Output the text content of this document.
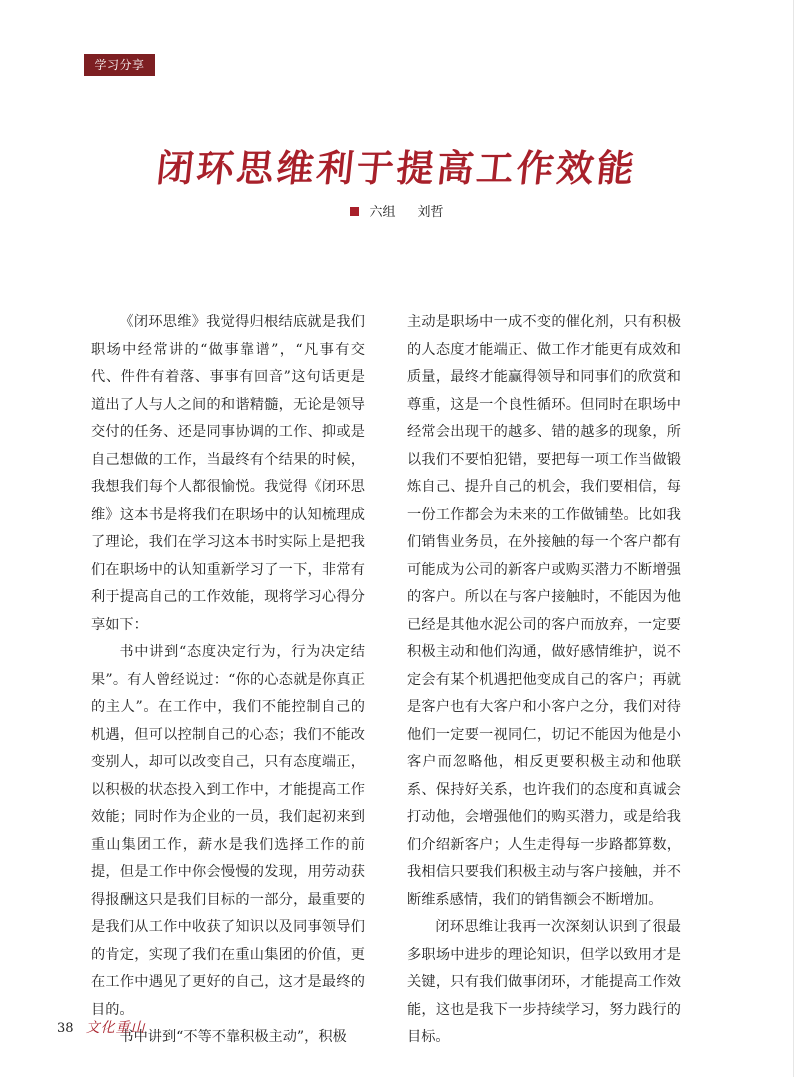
学习分享
闭环思维利于提高工作效能
六组 刘哲

《闭环思维》我觉得归根结底就是我们职场中经常讲的“做事靠谱”，“凡事有交代、件件有着落、事事有回音”这句话更是道出了人与人之间的和谐精髓，无论是领导交付的任务、还是同事协调的工作、抑或是自己想做的工作，当最终有个结果的时候，我想我们每个人都很愉悦。我觉得《闭环思维》这本书是将我们在职场中的认知梳理成了理论，我们在学习这本书时实际上是把我们在职场中的认知重新学习了一下，非常有利于提高自己的工作效能，现将学习心得分享如下：

书中讲到“态度决定行为，行为决定结果”。有人曾经说过：“你的心态就是你真正的主人”。在工作中，我们不能控制自己的机遇，但可以控制自己的心态；我们不能改变别人，却可以改变自己，只有态度端正，以积极的状态投入到工作中，才能提高工作效能；同时作为企业的一员，我们起初来到重山集团工作，薪水是我们选择工作的前提，但是工作中你会慢慢的发现，用劳动获得报酬这只是我们目标的一部分，最重要的是我们从工作中收获了知识以及同事领导们的肯定，实现了我们在重山集团的价值，更在工作中遇见了更好的自己，这才是最终的目的。

书中讲到“不等不靠积极主动”，积极

主动是职场中一成不变的催化剂，只有积极的人态度才能端正、做工作才能更有成效和质量，最终才能赢得领导和同事们的欣赏和尊重，这是一个良性循环。但同时在职场中经常会出现干的越多、错的越多的现象，所以我们不要怕犯错，要把每一项工作当做锻炼自己、提升自己的机会，我们要相信，每一份工作都会为未来的工作做铺垫。比如我们销售业务员，在外接触的每一个客户都有可能成为公司的新客户或购买潜力不断增强的客户。所以在与客户接触时，不能因为他已经是其他水泥公司的客户而放弃，一定要积极主动和他们沟通，做好感情维护，说不定会有某个机遇把他变成自己的客户；再就是客户也有大客户和小客户之分，我们对待他们一定要一视同仁，切记不能因为他是小客户而忽略他，相反更要积极主动和他联系、保持好关系，也许我们的态度和真诚会打动他，会增强他们的购买潜力，或是给我们介绍新客户；人生走得每一步路都算数，我相信只要我们积极主动与客户接触，并不断维系感情，我们的销售额会不断增加。

闭环思维让我再一次深刻认识到了很最多职场中进步的理论知识，但学以致用才是关键，只有我们做事闭环，才能提高工作效能，这也是我下一步持续学习，努力践行的目标。

38 文化重山
